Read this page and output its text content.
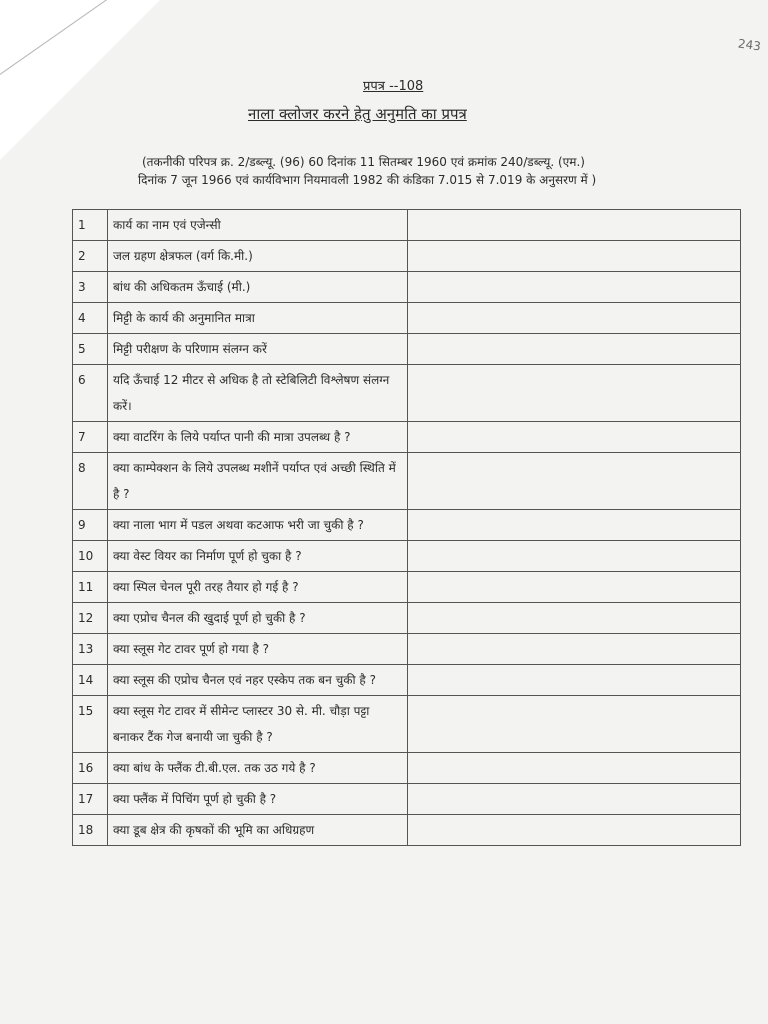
243
प्रपत्र --108
नाला क्लोजर करने हेतु अनुमति का प्रपत्र
(तकनीकी परिपत्र क्र. 2/डब्ल्यू. (96) 60 दिनांक 11 सितम्बर 1960 एवं क्रमांक 240/डब्ल्यू. (एम.)
दिनांक 7 जून 1966 एवं कार्यविभाग नियमावली 1982 की कंडिका 7.015 से 7.019 के अनुसरण में )
1	कार्य का नाम एवं एजेन्सी	
2	जल ग्रहण क्षेत्रफल (वर्ग कि.मी.)	
3	बांध की अधिकतम ऊँचाई (मी.)	
4	मिट्टी के कार्य की अनुमानित मात्रा	
5	मिट्टी परीक्षण के परिणाम संलग्न करें	
6	यदि ऊँचाई 12 मीटर से अधिक है तो स्टेबिलिटी विश्लेषण संलग्न करें।	
7	क्या वाटरिंग के लिये पर्याप्त पानी की मात्रा उपलब्ध है ?	
8	क्या काम्पेक्शन के लिये उपलब्ध मशीनें पर्याप्त एवं अच्छी स्थिति में है ?	
9	क्या नाला भाग में पडल अथवा कटआफ भरी जा चुकी है ?	
10	क्या वेस्ट वियर का निर्माण पूर्ण हो चुका है ?	
11	क्या स्पिल चेनल पूरी तरह तैयार हो गई है ?	
12	क्या एप्रोच चैनल की खुदाई पूर्ण हो चुकी है ?	
13	क्या स्लूस गेट टावर पूर्ण हो गया है ?	
14	क्या स्लूस की एप्रोच चैनल एवं नहर एस्केप तक बन चुकी है ?	
15	क्या स्लूस गेट टावर में सीमेन्ट प्लास्टर 30 से. मी. चौड़ा पट्टा बनाकर टैंक गेज बनायी जा चुकी है ?	
16	क्या बांध के फ्लैंक टी.बी.एल. तक उठ गये है ?	
17	क्या फ्लैंक में पिचिंग पूर्ण हो चुकी है ?	
18	क्या डूब क्षेत्र की कृषकों की भूमि का अधिग्रहण	
